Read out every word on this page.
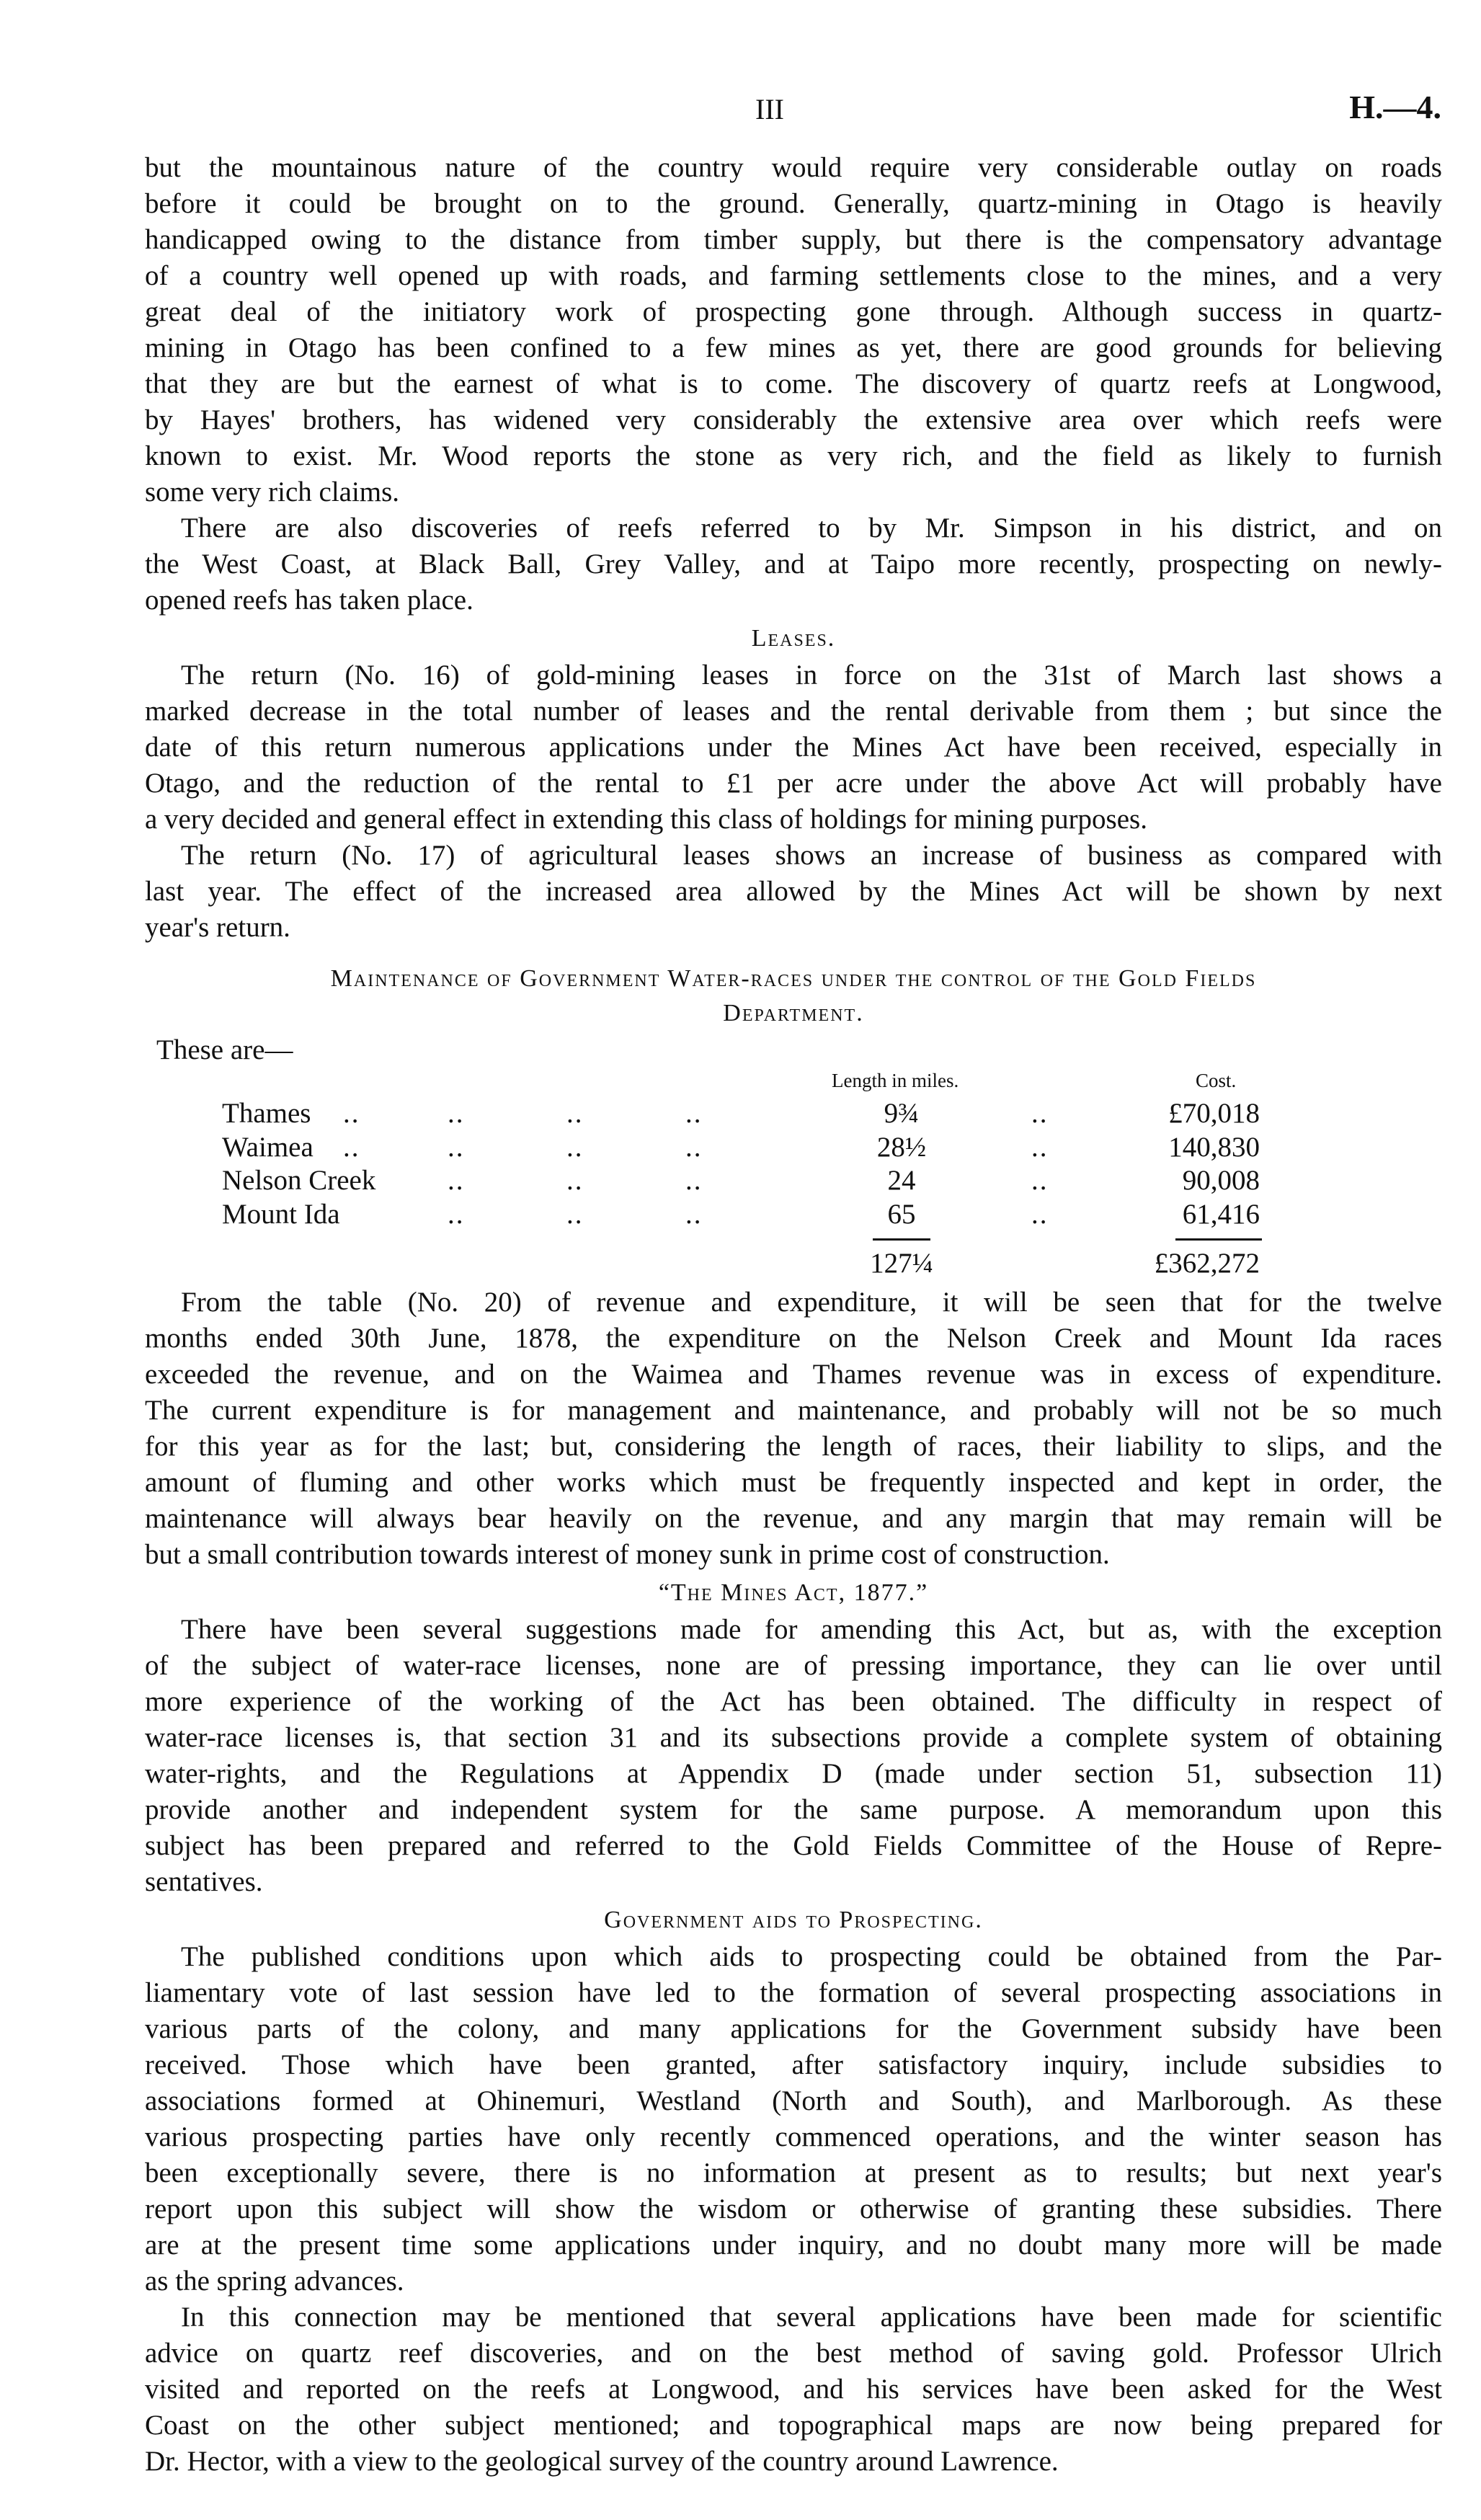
III	H.—4.
but the mountainous nature of the country would require very considerable outlay on roads
before it could be brought on to the ground. Generally, quartz-mining in Otago is heavily
handicapped owing to the distance from timber supply, but there is the compensatory advantage
of a country well opened up with roads, and farming settlements close to the mines, and a very
great deal of the initiatory work of prospecting gone through. Although success in quartz-
mining in Otago has been confined to a few mines as yet, there are good grounds for believing
that they are but the earnest of what is to come. The discovery of quartz reefs at Longwood,
by Hayes' brothers, has widened very considerably the extensive area over which reefs were
known to exist. Mr. Wood reports the stone as very rich, and the field as likely to furnish
some very rich claims.
There are also discoveries of reefs referred to by Mr. Simpson in his district, and on
the West Coast, at Black Ball, Grey Valley, and at Taipo more recently, prospecting on newly-
opened reefs has taken place.
Leases.
The return (No. 16) of gold-mining leases in force on the 31st of March last shows a
marked decrease in the total number of leases and the rental derivable from them ; but since the
date of this return numerous applications under the Mines Act have been received, especially in
Otago, and the reduction of the rental to £1 per acre under the above Act will probably have
a very decided and general effect in extending this class of holdings for mining purposes.
The return (No. 17) of agricultural leases shows an increase of business as compared with
last year. The effect of the increased area allowed by the Mines Act will be shown by next
year's return.
Maintenance of Government Water-races under the control of the Gold Fields
Department.
These are—
Length in miles.	Cost.
Thames ..	..	..	..	9¾	..	£70,018
Waimea ..	..	..	..	28½	..	140,830
Nelson Creek	..	..	..	24	..	90,008
Mount Ida	..	..	..	65	..	61,416
127¼	£362,272
From the table (No. 20) of revenue and expenditure, it will be seen that for the twelve
months ended 30th June, 1878, the expenditure on the Nelson Creek and Mount Ida races
exceeded the revenue, and on the Waimea and Thames revenue was in excess of expenditure.
The current expenditure is for management and maintenance, and probably will not be so much
for this year as for the last; but, considering the length of races, their liability to slips, and the
amount of fluming and other works which must be frequently inspected and kept in order, the
maintenance will always bear heavily on the revenue, and any margin that may remain will be
but a small contribution towards interest of money sunk in prime cost of construction.
“The Mines Act, 1877.”
There have been several suggestions made for amending this Act, but as, with the exception
of the subject of water-race licenses, none are of pressing importance, they can lie over until
more experience of the working of the Act has been obtained. The difficulty in respect of
water-race licenses is, that section 31 and its subsections provide a complete system of obtaining
water-rights, and the Regulations at Appendix D (made under section 51, subsection 11)
provide another and independent system for the same purpose. A memorandum upon this
subject has been prepared and referred to the Gold Fields Committee of the House of Repre-
sentatives.
Government aids to Prospecting.
The published conditions upon which aids to prospecting could be obtained from the Par-
liamentary vote of last session have led to the formation of several prospecting associations in
various parts of the colony, and many applications for the Government subsidy have been
received. Those which have been granted, after satisfactory inquiry, include subsidies to
associations formed at Ohinemuri, Westland (North and South), and Marlborough. As these
various prospecting parties have only recently commenced operations, and the winter season has
been exceptionally severe, there is no information at present as to results; but next year's
report upon this subject will show the wisdom or otherwise of granting these subsidies. There
are at the present time some applications under inquiry, and no doubt many more will be made
as the spring advances.
In this connection may be mentioned that several applications have been made for scientific
advice on quartz reef discoveries, and on the best method of saving gold. Professor Ulrich
visited and reported on the reefs at Longwood, and his services have been asked for the West
Coast on the other subject mentioned; and topographical maps are now being prepared for
Dr. Hector, with a view to the geological survey of the country around Lawrence.
